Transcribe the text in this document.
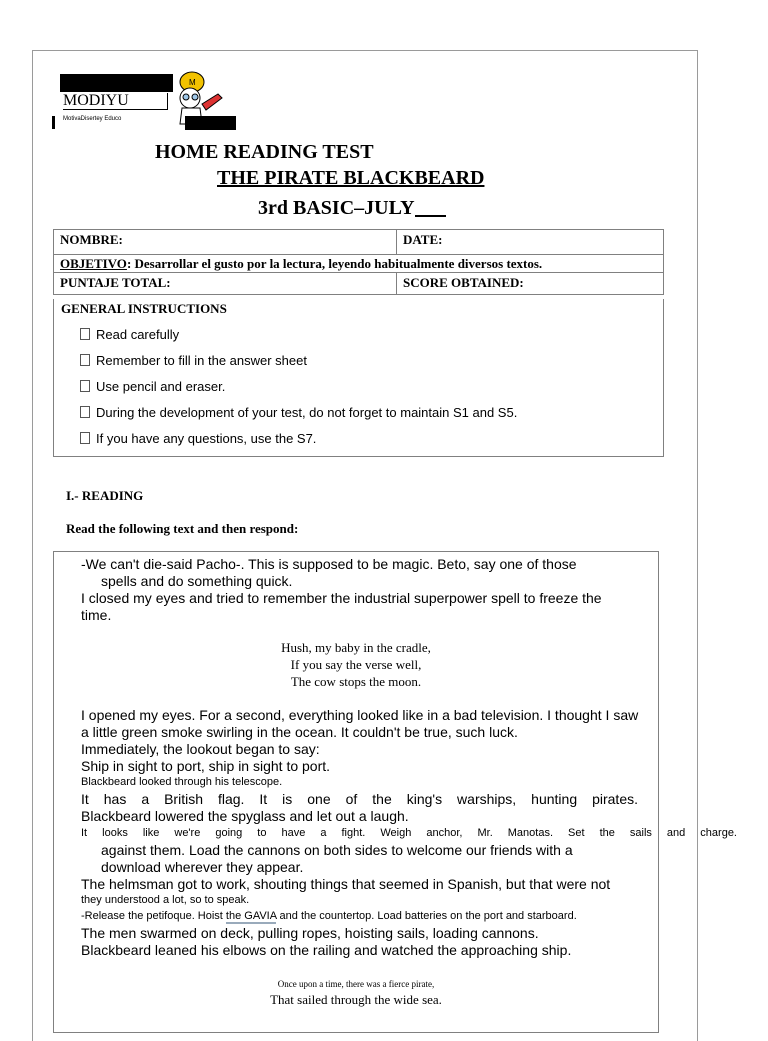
MODIYU
M
MotivaDisertey Educo
HOME READING TEST
THE PIRATE BLACKBEARD
3rd BASIC–JULY
NOMBRE:	DATE:

OBJETIVO: Desarrollar el gusto por la lectura, leyendo habitualmente diversos textos.	

PUNTAJE TOTAL:	SCORE OBTAINED:
GENERAL INSTRUCTIONS
Read carefully
Remember to fill in the answer sheet
Use pencil and eraser.
During the development of your test, do not forget to maintain S1 and S5.
If you have any questions, use the S7.
I.- READING
Read the following text and then respond:
-We can't die-said Pacho-. This is supposed to be magic. Beto, say one of those
spells and do something quick.
I closed my eyes and tried to remember the industrial superpower spell to freeze the
time.
Hush, my baby in the cradle,
If you say the verse well,
The cow stops the moon.
I opened my eyes. For a second, everything looked like in a bad television. I thought I saw
a little green smoke swirling in the ocean. It couldn't be true, such luck.
Immediately, the lookout began to say:
Ship in sight to port, ship in sight to port.
Blackbeard looked through his telescope.
It has a British flag. It is one of the king's warships, hunting pirates.
Blackbeard lowered the spyglass and let out a laugh.
It looks like we're going to have a fight. Weigh anchor, Mr. Manotas. Set the sails and charge.
against them. Load the cannons on both sides to welcome our friends with a
download wherever they appear.
The helmsman got to work, shouting things that seemed in Spanish, but that were not
they understood a lot, so to speak.
-Release the petifoque. Hoist the GAVIA and the countertop. Load batteries on the port and starboard.
The men swarmed on deck, pulling ropes, hoisting sails, loading cannons.
Blackbeard leaned his elbows on the railing and watched the approaching ship.
Once upon a time, there was a fierce pirate,
That sailed through the wide sea.
